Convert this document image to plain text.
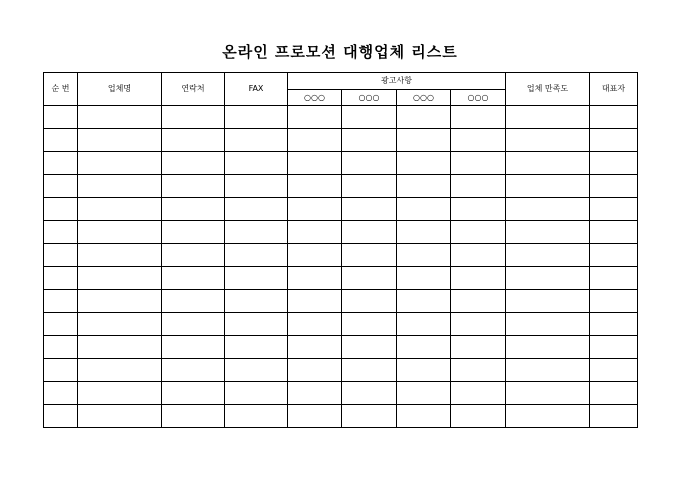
온라인 프로모션 대행업체 리스트
순 번	업체명	연락처	FAX	광고사항				업체 만족도	대표자
				○○○	○○○	○○○	○○○		
